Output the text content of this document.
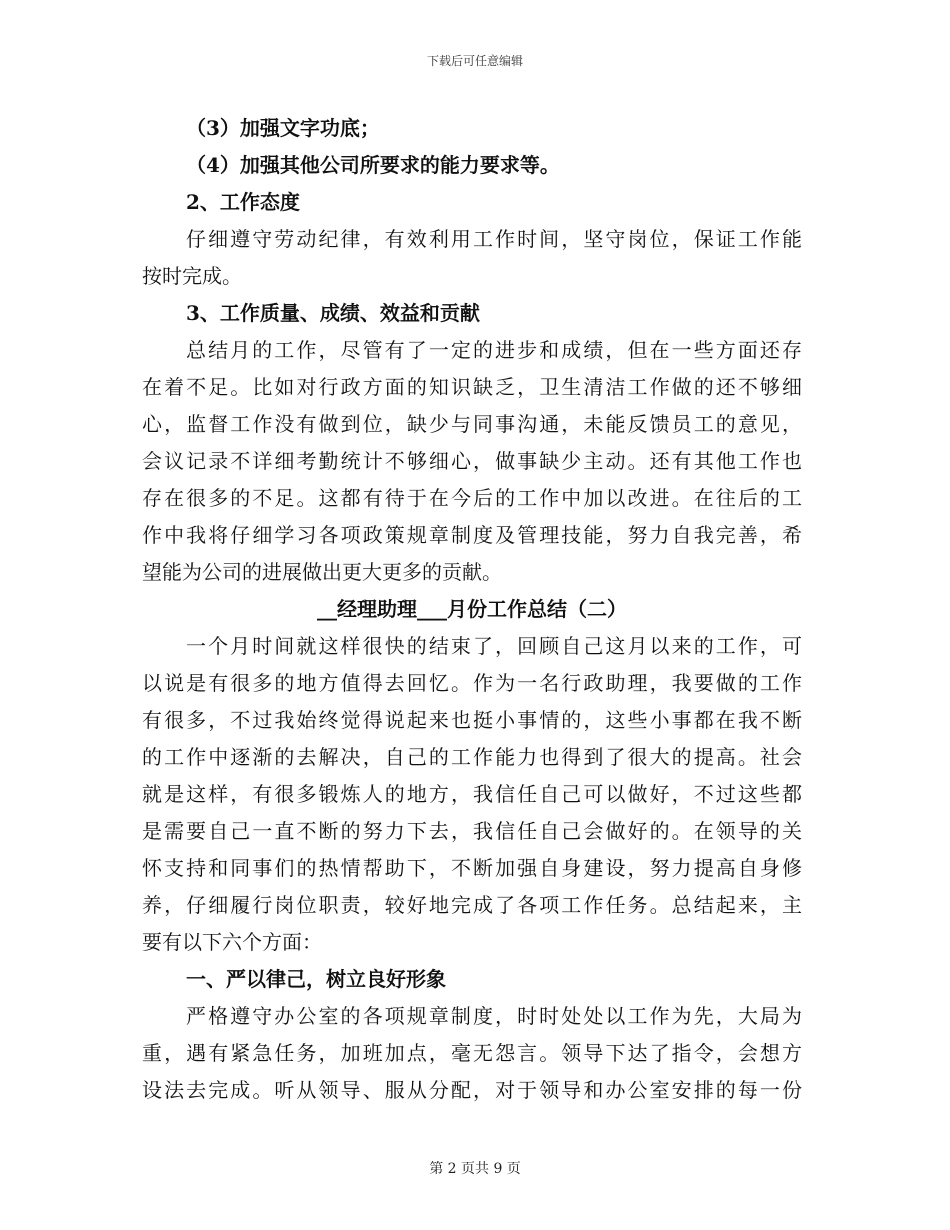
下载后可任意编辑
（3）加强文字功底；
（4）加强其他公司所要求的能力要求等。
2、工作态度
仔细遵守劳动纪律，有效利用工作时间，坚守岗位，保证工作能
按时完成。
3、工作质量、成绩、效益和贡献
总结月的工作，尽管有了一定的进步和成绩，但在一些方面还存
在着不足。比如对行政方面的知识缺乏，卫生清洁工作做的还不够细
心，监督工作没有做到位，缺少与同事沟通，未能反馈员工的意见，
会议记录不详细考勤统计不够细心，做事缺少主动。还有其他工作也
存在很多的不足。这都有待于在今后的工作中加以改进。在往后的工
作中我将仔细学习各项政策规章制度及管理技能，努力自我完善，希
望能为公司的进展做出更大更多的贡献。
__经理助理___月份工作总结（二）
一个月时间就这样很快的结束了，回顾自己这月以来的工作，可
以说是有很多的地方值得去回忆。作为一名行政助理，我要做的工作
有很多，不过我始终觉得说起来也挺小事情的，这些小事都在我不断
的工作中逐渐的去解决，自己的工作能力也得到了很大的提高。社会
就是这样，有很多锻炼人的地方，我信任自己可以做好，不过这些都
是需要自己一直不断的努力下去，我信任自己会做好的。在领导的关
怀支持和同事们的热情帮助下，不断加强自身建设，努力提高自身修
养，仔细履行岗位职责，较好地完成了各项工作任务。总结起来，主
要有以下六个方面：
一、严以律己，树立良好形象
严格遵守办公室的各项规章制度，时时处处以工作为先，大局为
重，遇有紧急任务，加班加点，毫无怨言。领导下达了指令，会想方
设法去完成。听从领导、服从分配，对于领导和办公室安排的每一份
第 2 页共 9 页
